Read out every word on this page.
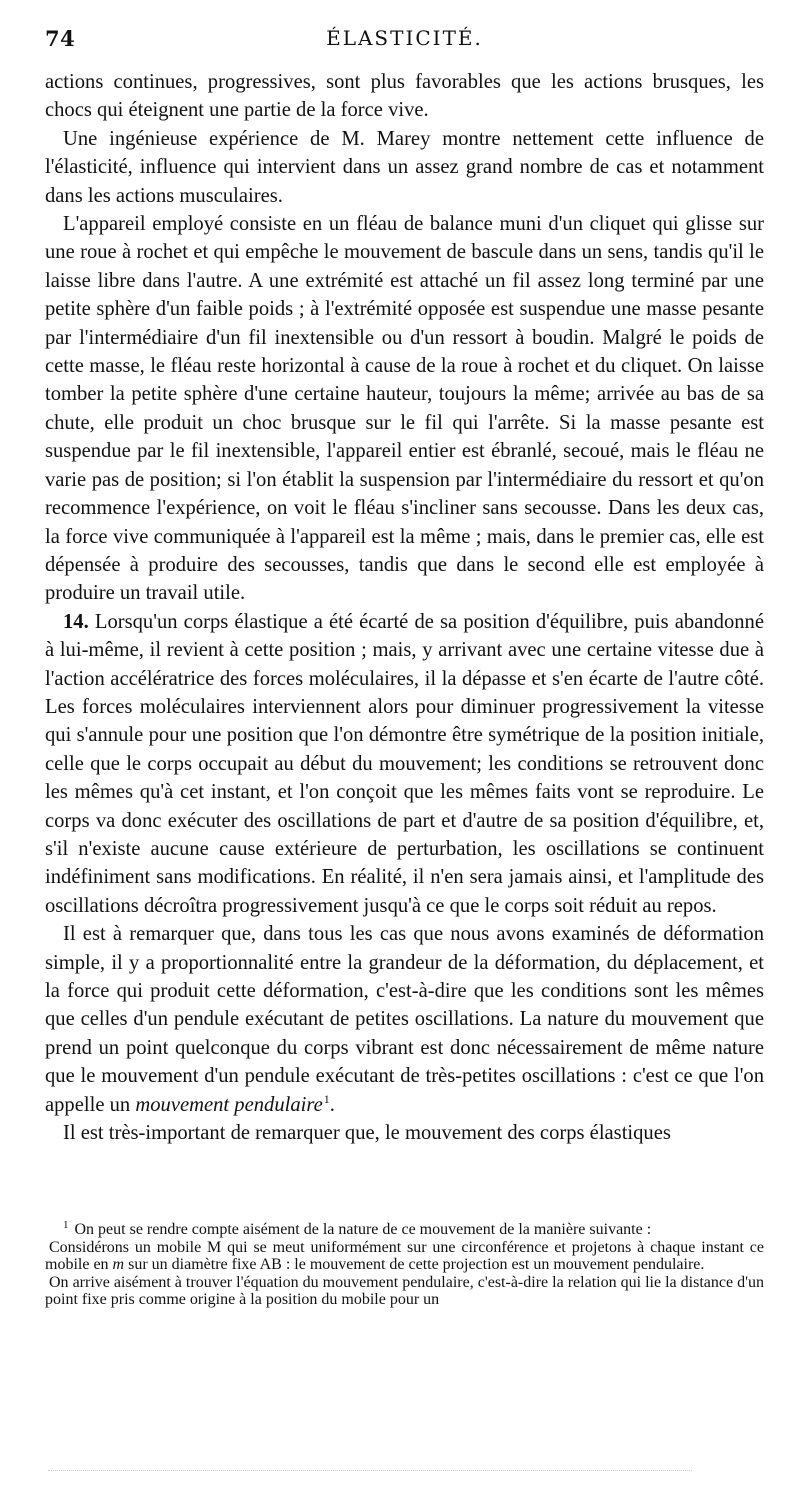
74	ÉLASTICITÉ.

actions continues, progressives, sont plus favorables que les actions brusques, les chocs qui éteignent une partie de la force vive.

Une ingénieuse expérience de M. Marey montre nettement cette influence de l'élasticité, influence qui intervient dans un assez grand nombre de cas et notamment dans les actions musculaires.

L'appareil employé consiste en un fléau de balance muni d'un cliquet qui glisse sur une roue à rochet et qui empêche le mouvement de bascule dans un sens, tandis qu'il le laisse libre dans l'autre. A une extrémité est attaché un fil assez long terminé par une petite sphère d'un faible poids ; à l'extrémité opposée est suspendue une masse pesante par l'intermédiaire d'un fil inextensible ou d'un ressort à boudin. Malgré le poids de cette masse, le fléau reste horizontal à cause de la roue à rochet et du cliquet. On laisse tomber la petite sphère d'une certaine hauteur, toujours la même; arrivée au bas de sa chute, elle produit un choc brusque sur le fil qui l'arrête. Si la masse pesante est suspendue par le fil inextensible, l'appareil entier est ébranlé, secoué, mais le fléau ne varie pas de position; si l'on établit la suspension par l'intermédiaire du ressort et qu'on recommence l'expérience, on voit le fléau s'incliner sans secousse. Dans les deux cas, la force vive communiquée à l'appareil est la même ; mais, dans le premier cas, elle est dépensée à produire des secousses, tandis que dans le second elle est employée à produire un travail utile.

14. Lorsqu'un corps élastique a été écarté de sa position d'équilibre, puis abandonné à lui-même, il revient à cette position ; mais, y arrivant avec une certaine vitesse due à l'action accélératrice des forces moléculaires, il la dépasse et s'en écarte de l'autre côté. Les forces moléculaires interviennent alors pour diminuer progressivement la vitesse qui s'annule pour une position que l'on démontre être symétrique de la position initiale, celle que le corps occupait au début du mouvement; les conditions se retrouvent donc les mêmes qu'à cet instant, et l'on conçoit que les mêmes faits vont se reproduire. Le corps va donc exécuter des oscillations de part et d'autre de sa position d'équilibre, et, s'il n'existe aucune cause extérieure de perturbation, les oscillations se continuent indéfiniment sans modifications. En réalité, il n'en sera jamais ainsi, et l'amplitude des oscillations décroîtra progressivement jusqu'à ce que le corps soit réduit au repos.

Il est à remarquer que, dans tous les cas que nous avons examinés de déformation simple, il y a proportionnalité entre la grandeur de la déformation, du déplacement, et la force qui produit cette déformation, c'est-à-dire que les conditions sont les mêmes que celles d'un pendule exécutant de petites oscillations. La nature du mouvement que prend un point quelconque du corps vibrant est donc nécessairement de même nature que le mouvement d'un pendule exécutant de très-petites oscillations : c'est ce que l'on appelle un mouvement pendulaire$^1$.

Il est très-important de remarquer que, le mouvement des corps élastiques

$^1$ On peut se rendre compte aisément de la nature de ce mouvement de la manière suivante :

Considérons un mobile M qui se meut uniformément sur une circonférence et projetons à chaque instant ce mobile en m sur un diamètre fixe AB : le mouvement de cette projection est un mouvement pendulaire.

On arrive aisément à trouver l'équation du mouvement pendulaire, c'est-à-dire la relation qui lie la distance d'un point fixe pris comme origine à la position du mobile pour un
